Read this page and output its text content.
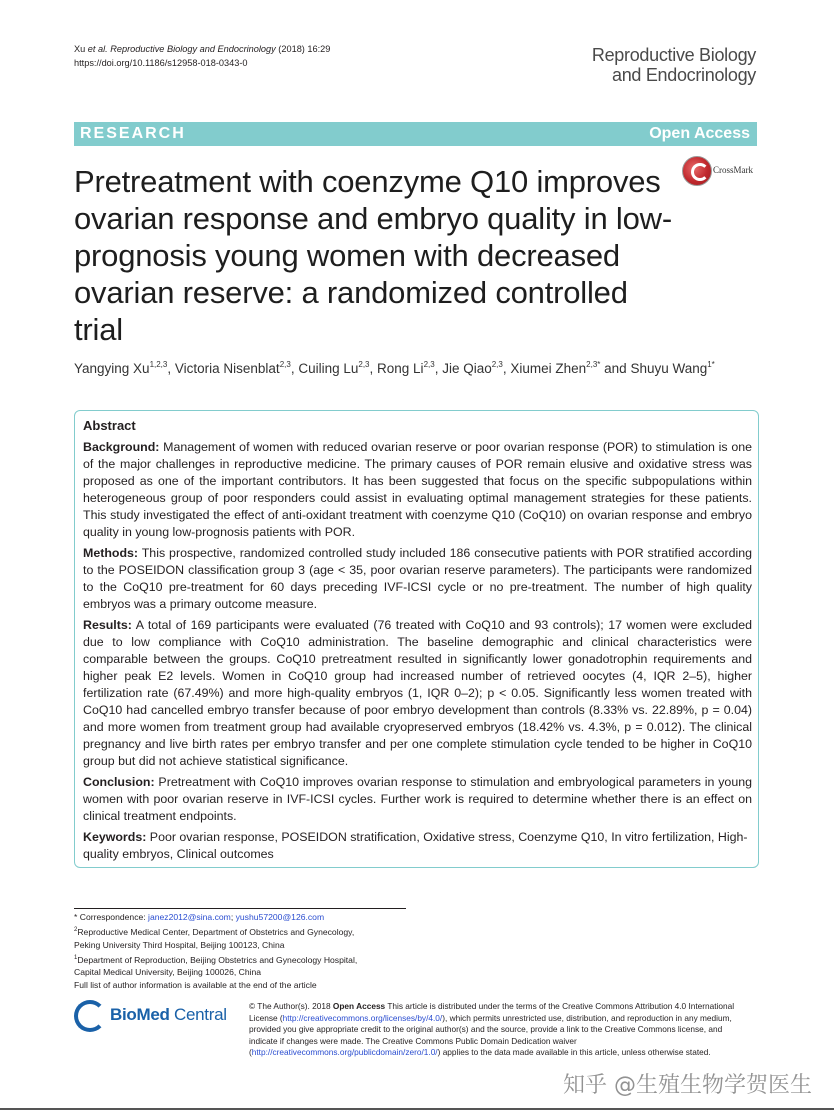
Xu et al. Reproductive Biology and Endocrinology (2018) 16:29
https://doi.org/10.1186/s12958-018-0343-0	Reproductive Biology
and Endocrinology
RESEARCH	Open Access
Pretreatment with coenzyme Q10 improves ovarian response and embryo quality in low-prognosis young women with decreased ovarian reserve: a randomized controlled trial
CrossMark
Yangying Xu$^{1,2,3}$, Victoria Nisenblat$^{2,3}$, Cuiling Lu$^{2,3}$, Rong Li$^{2,3}$, Jie Qiao$^{2,3}$, Xiumei Zhen$^{2,3*}$ and Shuyu Wang$^{1*}$
Abstract

Background: Management of women with reduced ovarian reserve or poor ovarian response (POR) to stimulation is one of the major challenges in reproductive medicine. The primary causes of POR remain elusive and oxidative stress was proposed as one of the important contributors. It has been suggested that focus on the specific subpopulations within heterogeneous group of poor responders could assist in evaluating optimal management strategies for these patients. This study investigated the effect of anti-oxidant treatment with coenzyme Q10 (CoQ10) on ovarian response and embryo quality in young low-prognosis patients with POR.

Methods: This prospective, randomized controlled study included 186 consecutive patients with POR stratified according to the POSEIDON classification group 3 (age < 35, poor ovarian reserve parameters). The participants were randomized to the CoQ10 pre-treatment for 60 days preceding IVF-ICSI cycle or no pre-treatment. The number of high quality embryos was a primary outcome measure.

Results: A total of 169 participants were evaluated (76 treated with CoQ10 and 93 controls); 17 women were excluded due to low compliance with CoQ10 administration. The baseline demographic and clinical characteristics were comparable between the groups. CoQ10 pretreatment resulted in significantly lower gonadotrophin requirements and higher peak E2 levels. Women in CoQ10 group had increased number of retrieved oocytes (4, IQR 2–5), higher fertilization rate (67.49%) and more high-quality embryos (1, IQR 0–2); p < 0.05. Significantly less women treated with CoQ10 had cancelled embryo transfer because of poor embryo development than controls (8.33% vs. 22.89%, p = 0.04) and more women from treatment group had available cryopreserved embryos (18.42% vs. 4.3%, p = 0.012). The clinical pregnancy and live birth rates per embryo transfer and per one complete stimulation cycle tended to be higher in CoQ10 group but did not achieve statistical significance.

Conclusion: Pretreatment with CoQ10 improves ovarian response to stimulation and embryological parameters in young women with poor ovarian reserve in IVF-ICSI cycles. Further work is required to determine whether there is an effect on clinical treatment endpoints.

Keywords: Poor ovarian response, POSEIDON stratification, Oxidative stress, Coenzyme Q10, In vitro fertilization, High-quality embryos, Clinical outcomes

* Correspondence: janez2012@sina.com; yushu57200@126.com
$^2$Reproductive Medical Center, Department of Obstetrics and Gynecology,
Peking University Third Hospital, Beijing 100123, China
$^1$Department of Reproduction, Beijing Obstetrics and Gynecology Hospital,
Capital Medical University, Beijing 100026, China
Full list of author information is available at the end of the article
BioMed Central	© The Author(s). 2018 Open Access This article is distributed under the terms of the Creative Commons Attribution 4.0 International License (http://creativecommons.org/licenses/by/4.0/), which permits unrestricted use, distribution, and reproduction in any medium, provided you give appropriate credit to the original author(s) and the source, provide a link to the Creative Commons license, and indicate if changes were made. The Creative Commons Public Domain Dedication waiver (http://creativecommons.org/publicdomain/zero/1.0/) applies to the data made available in this article, unless otherwise stated.
知乎 @生殖生物学贺医生
